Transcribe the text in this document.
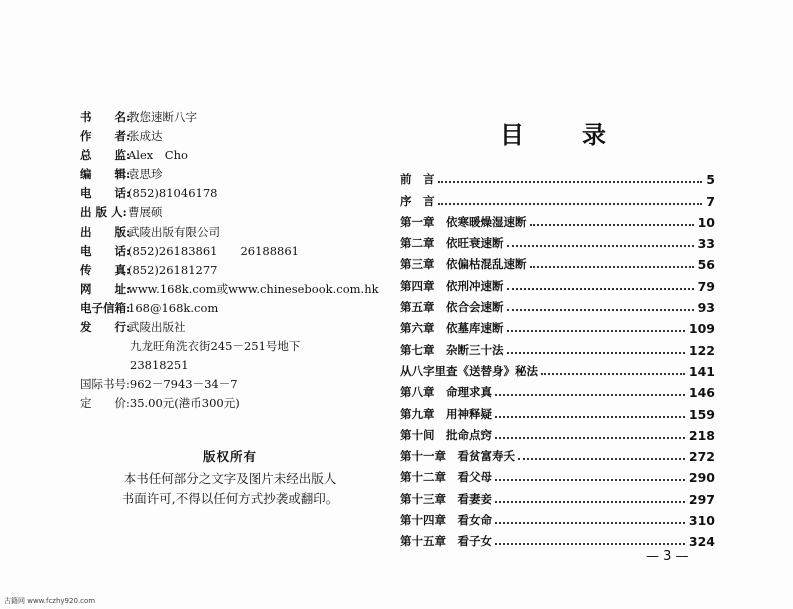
书　　名:教您速断八字
作　　者:张成达
总　　监:Alex　Cho
编　　辑:袁思珍
电　　话:(852)81046178
出 版 人:曹展硕
出　　版:武陵出版有限公司
电　　话:(852)26183861　　26188861
传　　真:(852)26181277
网　　址:www.168k.com或www.chinesebook.com.hk
电子信箱:168@168k.com
发　　行:武陵出版社
九龙旺角洗衣街245－251号地下
23818251
国际书号:962－7943－34－7
定　　价:35.00元(港币300元)
版权所有
本书任何部分之文字及图片未经出版人
书面许可,不得以任何方式抄袭或翻印。
目录
前　言	5
序　言	7
第一章　依寒暖燥湿速断	10
第二章　依旺衰速断	33
第三章　依偏枯混乱速断	56
第四章　依刑冲速断	79
第五章　依合会速断	93
第六章　依墓库速断	109
第七章　杂断三十法	122
从八字里查《送替身》秘法	141
第八章　命理求真	146
第九章　用神释疑	159
第十间　批命点窍	218
第十一章　看贫富寿夭	272
第十二章　看父母	290
第十三章　看妻妾	297
第十四章　看女命	310
第十五章　看子女	324
— 3 —
古籍网 www.fczhy920.com
